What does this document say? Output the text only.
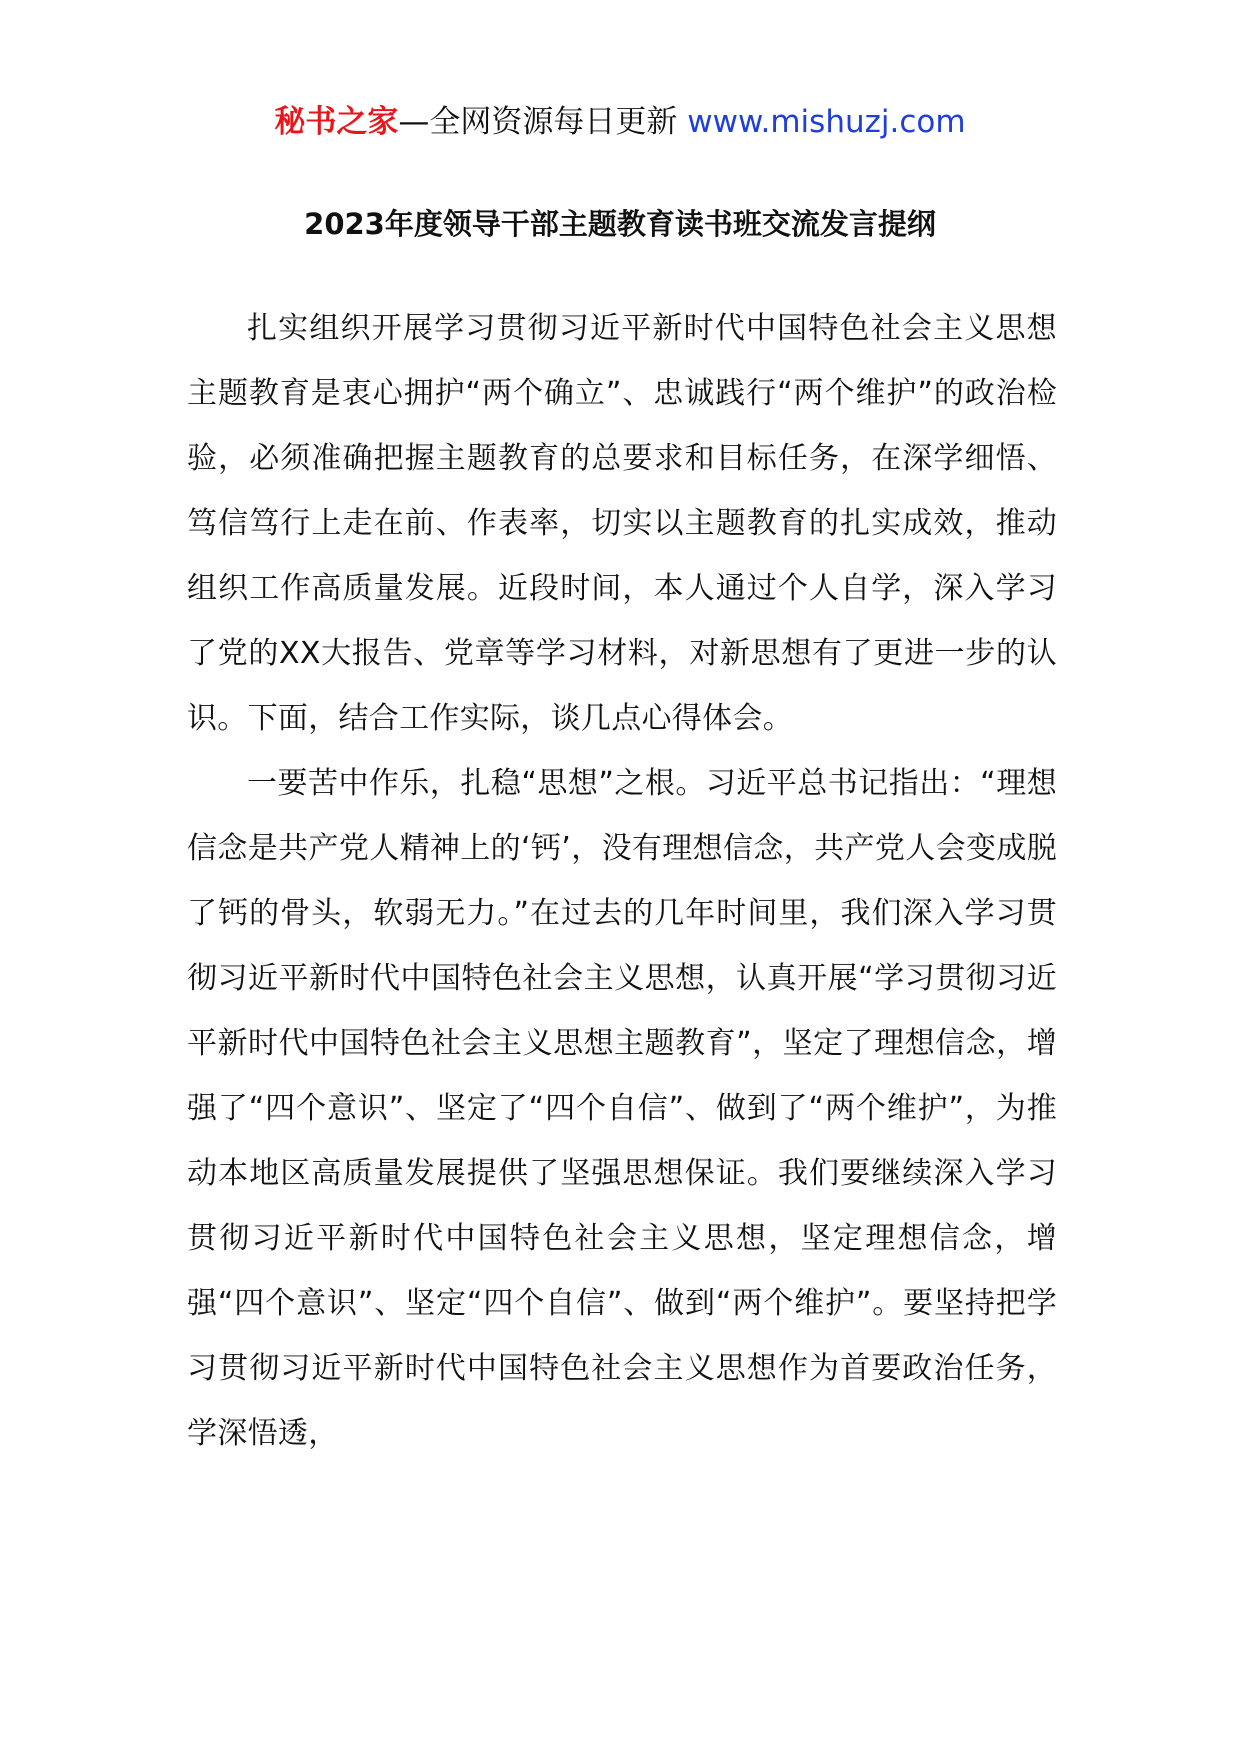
秘书之家—全网资源每日更新 www.mishuzj.com
2023年度领导干部主题教育读书班交流发言提纲

扎实组织开展学习贯彻习近平新时代中国特色社会主义思想主题教育是衷心拥护“两个确立”、忠诚践行“两个维护”的政治检验，必须准确把握主题教育的总要求和目标任务，在深学细悟、笃信笃行上走在前、作表率，切实以主题教育的扎实成效，推动组织工作高质量发展。近段时间，本人通过个人自学，深入学习了党的XX大报告、党章等学习材料，对新思想有了更进一步的认识。下面，结合工作实际，谈几点心得体会。

一要苦中作乐，扎稳“思想”之根。习近平总书记指出：“理想信念是共产党人精神上的‘钙’，没有理想信念，共产党人会变成脱了钙的骨头，软弱无力。”在过去的几年时间里，我们深入学习贯彻习近平新时代中国特色社会主义思想，认真开展“学习贯彻习近平新时代中国特色社会主义思想主题教育”，坚定了理想信念，增强了“四个意识”、坚定了“四个自信”、做到了“两个维护”，为推动本地区高质量发展提供了坚强思想保证。我们要继续深入学习贯彻习近平新时代中国特色社会主义思想，坚定理想信念，增强“四个意识”、坚定“四个自信”、做到“两个维护”。要坚持把学习贯彻习近平新时代中国特色社会主义思想作为首要政治任务，学深悟透，
